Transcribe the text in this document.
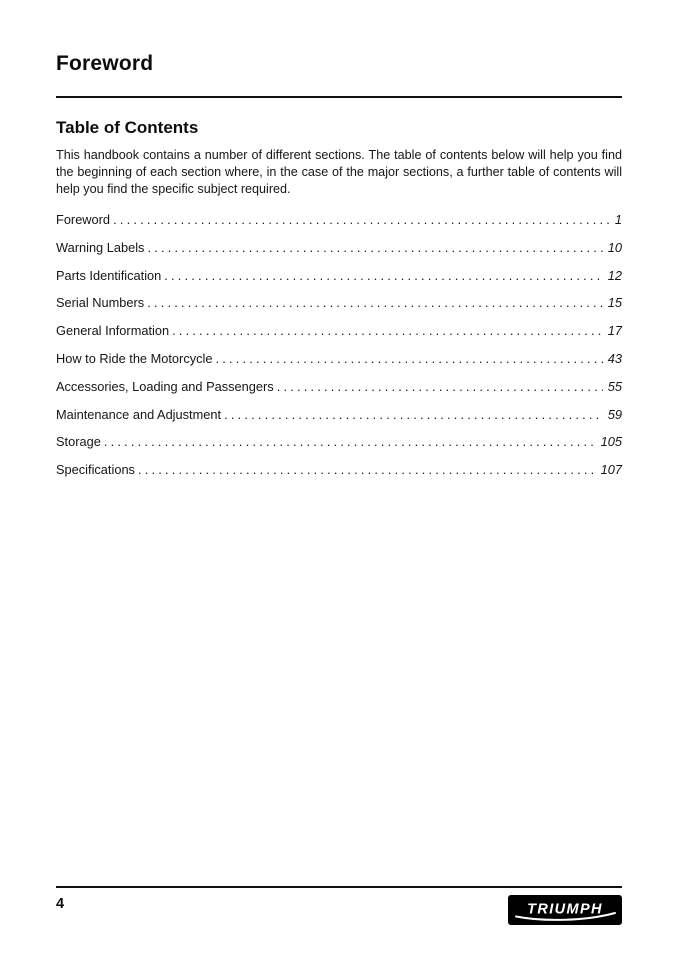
Foreword
Table of Contents

This handbook contains a number of different sections. The table of contents below will help you find the beginning of each section where, in the case of the major sections, a further table of contents will help you find the specific subject required.

Foreword .....	1
Warning Labels .....	10
Parts Identification .....	12
Serial Numbers .....	15
General Information .....	17
How to Ride the Motorcycle .....	43
Accessories, Loading and Passengers .....	55
Maintenance and Adjustment .....	59
Storage .....	105
Specifications .....	107
4	TRIUMPH
